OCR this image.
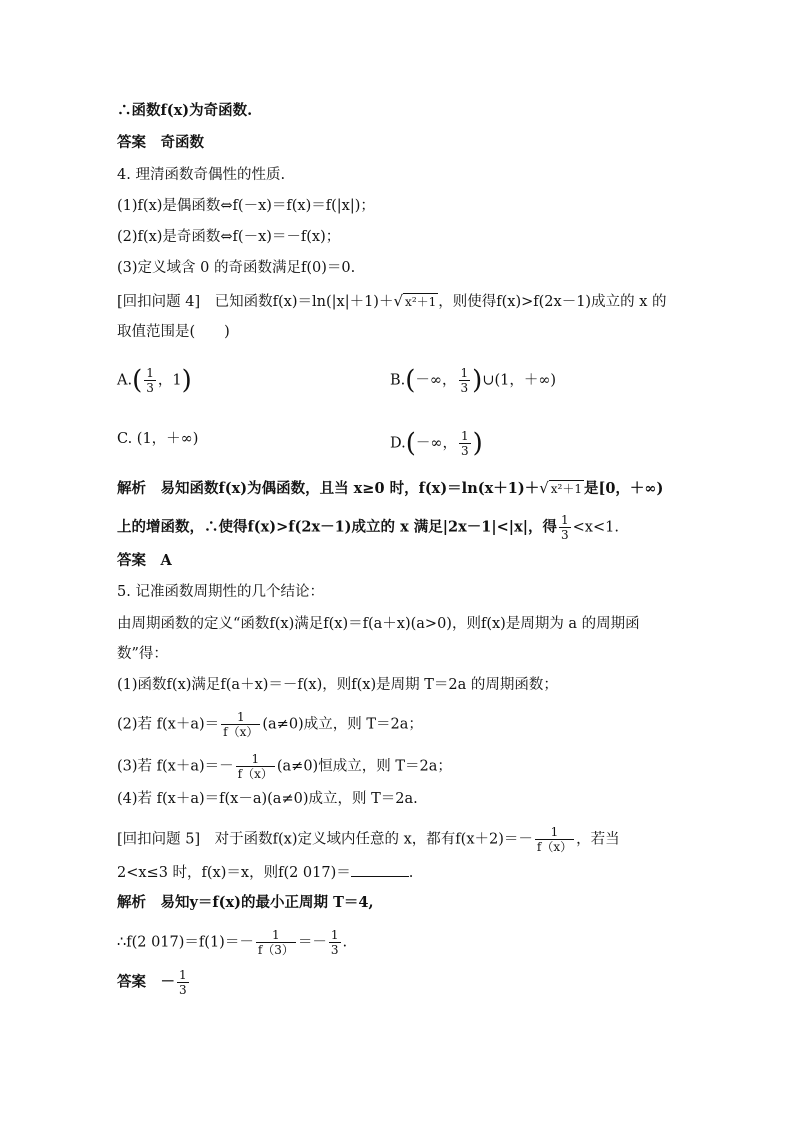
∴函数f(x)为奇函数.
答案　奇函数
4. 理清函数奇偶性的性质.
(1)f(x)是偶函数⇔f(－x)＝f(x)＝f(|x|)；
(2)f(x)是奇函数⇔f(－x)＝－f(x)；
(3)定义域含 0 的奇函数满足f(0)＝0.
[回扣问题 4]　已知函数f(x)＝ln(|x|＋1)＋√ x²＋1 ，则使得f(x)>f(2x－1)成立的 x 的
取值范围是(　　)
$A.( \frac{1}{3}$ ，1)	B.(－∞， $\frac{1}{3}$ )∪(1，＋∞)
C. (1，＋∞)	D.(－∞， $\frac{1}{3}$ )
解析　易知函数f(x)为偶函数，且当 x≥0 时，f(x)＝ln(x＋1)＋√ x²＋1 是[0，＋∞)
上的增函数，∴使得f(x)>f(2x－1)成立的 x 满足|2x－1|<|x|，得 $\frac{1}{3} <x<1$.
答案　A
5. 记准函数周期性的几个结论：
由周期函数的定义“函数f(x)满足f(x)＝f(a＋x)(a>0)，则f(x)是周期为 a 的周期函
数”得：
(1)函数f(x)满足f(a＋x)＝－f(x)，则f(x)是周期 T＝2a 的周期函数；
(2)若 $f(x+a)= \frac{1}{f(x)} (a\ne 0)$成立，则 T＝2a；
(3)若 $f(x+a)=- \frac{1}{f(x)} (a\ne 0)$恒成立，则 T＝2a；
(4)若 f(x＋a)＝f(x－a)(a≠0)成立，则 T＝2a.
[回扣问题 5]　对于函数f(x)定义域内任意的 x，都有$f(x+2)=- \frac{1}{f(x)}$ ，若当
2<x≤3 时，f(x)＝x，则f(2 017)＝	.
解析　易知y＝f(x)的最小正周期 T＝4,
∴f(2 $017)=f(1)=- \frac{1}{f(3)} =- \frac{1}{3}$ .
答案　－ $\frac{1}{3}$
